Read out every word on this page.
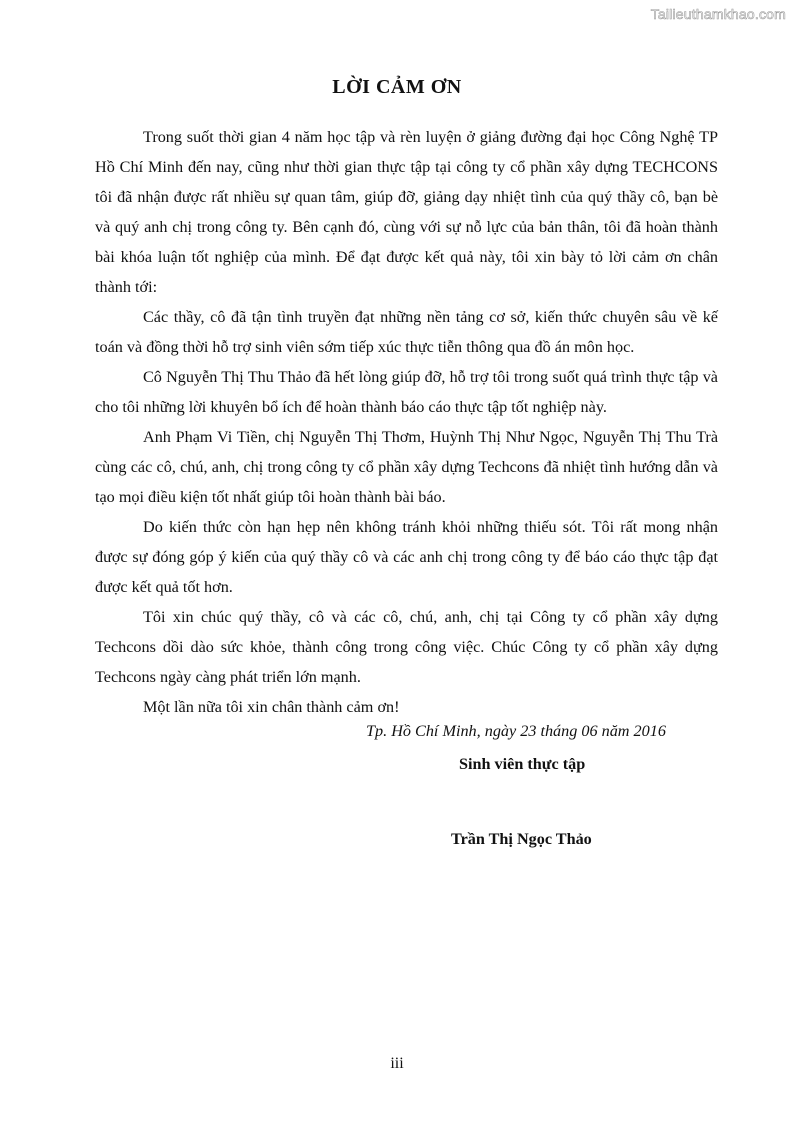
Tailieuthamkhao.com
LỜI CẢM ƠN

Trong suốt thời gian 4 năm học tập và rèn luyện ở giảng đường đại học Công Nghệ TP Hồ Chí Minh đến nay, cũng như thời gian thực tập tại công ty cổ phần xây dựng TECHCONS tôi đã nhận được rất nhiều sự quan tâm, giúp đỡ, giảng dạy nhiệt tình của quý thầy cô, bạn bè và quý anh chị trong công ty. Bên cạnh đó, cùng với sự nỗ lực của bản thân, tôi đã hoàn thành bài khóa luận tốt nghiệp của mình. Để đạt được kết quả này, tôi xin bày tỏ lời cảm ơn chân thành tới:

Các thầy, cô đã tận tình truyền đạt những nền tảng cơ sở, kiến thức chuyên sâu về kế toán và đồng thời hỗ trợ sinh viên sớm tiếp xúc thực tiễn thông qua đồ án môn học.

Cô Nguyễn Thị Thu Thảo đã hết lòng giúp đỡ, hỗ trợ tôi trong suốt quá trình thực tập và cho tôi những lời khuyên bổ ích để hoàn thành báo cáo thực tập tốt nghiệp này.

Anh Phạm Vi Tiền, chị Nguyễn Thị Thơm, Huỳnh Thị Như Ngọc, Nguyễn Thị Thu Trà cùng các cô, chú, anh, chị trong công ty cổ phần xây dựng Techcons đã nhiệt tình hướng dẫn và tạo mọi điều kiện tốt nhất giúp tôi hoàn thành bài báo.

Do kiến thức còn hạn hẹp nên không tránh khỏi những thiếu sót. Tôi rất mong nhận được sự đóng góp ý kiến của quý thầy cô và các anh chị trong công ty để báo cáo thực tập đạt được kết quả tốt hơn.

Tôi xin chúc quý thầy, cô và các cô, chú, anh, chị tại Công ty cổ phần xây dựng Techcons dồi dào sức khỏe, thành công trong công việc. Chúc Công ty cổ phần xây dựng Techcons ngày càng phát triển lớn mạnh.

Một lần nữa tôi xin chân thành cảm ơn!

Tp. Hồ Chí Minh, ngày 23 tháng 06 năm 2016
Sinh viên thực tập
Trần Thị Ngọc Thảo
iii
